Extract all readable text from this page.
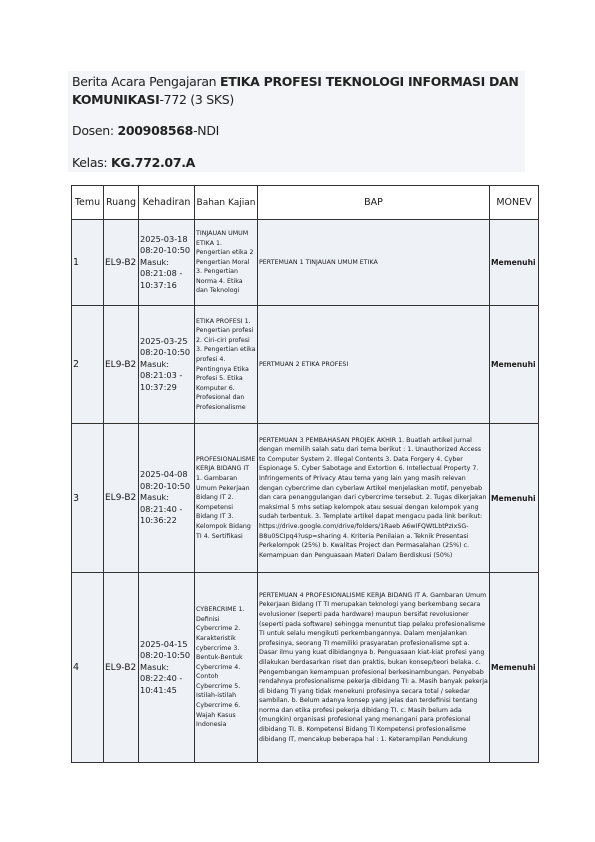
Berita Acara Pengajaran ETIKA PROFESI TEKNOLOGI INFORMASI DAN KOMUNIKASI-772 (3 SKS)

Dosen: 200908568-NDI

Kelas: KG.772.07.A

Temu	Ruang	Kehadiran	Bahan Kajian	BAP	MONEV
1	EL9-B2	2025-03-18 08:20-10:50 Masuk: 08:21:08 - 10:37:16	TINJAUAN UMUM ETIKA 1. Pengertian etika 2 Pengertian Moral 3. Pengertian Norma 4. Etika dan Teknologi	PERTEMUAN 1 TINJAUAN UMUM ETIKA	Memenuhi
2	EL9-B2	2025-03-25 08:20-10:50 Masuk: 08:21:03 - 10:37:29	ETIKA PROFESI 1. Pengertian profesi 2. Ciri-ciri profesi 3. Pengertian etika profesi 4. Pentingnya Etika Profesi 5. Etika Komputer 6. Profesional dan Profesionalisme	PERTMUAN 2 ETIKA PROFESI	Memenuhi
3	EL9-B2	2025-04-08 08:20-10:50 Masuk: 08:21:40 - 10:36:22	PROFESIONALISME KERJA BIDANG IT 1. Gambaran Umum Pekerjaan Bidang IT 2. Kompetensi Bidang IT 3. Kelompok Bidang TI 4. Sertifikasi	PERTEMUAN 3 PEMBAHASAN PROJEK AKHIR 1. Buatlah artikel jurnal dengan memilih salah satu dari tema berikut : 1. Unauthorized Access to Computer System 2. Illegal Contents 3. Data Forgery 4. Cyber Espionage 5. Cyber Sabotage and Extortion 6. Intellectual Property 7. Infringements of Privacy Atau tema yang lain yang masih relevan dengan cybercrime dan cyberlaw Artikel menjelaskan motif, penyebab dan cara penanggulangan dari cybercrime tersebut. 2. Tugas dikerjakan maksimal 5 mhs setiap kelompok atau sesuai dengan kelompok yang sudah terbentuk. 3. Template artikel dapat mengacu pada link berikut: https://drive.google.com/drive/folders/1Raeb A6wIFQWtLbtPzIxSG-B8u0SCIpq4?usp=sharing 4. Kriteria Penilaian a. Teknik Presentasi Perkelompok (25%) b. Kwalitas Project dan Permasalahan (25%) c. Kemampuan dan Penguasaan Materi Dalam Berdiskusi (50%)	Memenuhi
4	EL9-B2	2025-04-15 08:20-10:50 Masuk: 08:22:40 - 10:41:45	CYBERCRIME 1. Definisi Cybercrime 2. Karakteristik cybercrime 3. Bentuk-Bentuk Cybercrime 4. Contoh Cybercrime 5. Istilah-istilah Cybercrime 6. Wajah Kasus Indonesia	PERTEMUAN 4 PROFESIONALISME KERJA BIDANG IT A. Gambaran Umum Pekerjaan Bidang IT TI merupakan teknologi yang berkembang secara evolusioner (seperti pada hardware) maupun bersifat revolusioner (seperti pada software) sehingga menuntut tiap pelaku profesionalisme TI untuk selalu mengikuti perkembangannya. Dalam menjalankan profesinya, seorang TI memiliki prasyaratan profesionalisme spt a. Dasar ilmu yang kuat dibidangnya b. Penguasaan kiat-kiat profesi yang dilakukan berdasarkan riset dan praktis, bukan konsep/teori belaka. c. Pengembangan kemampuan profesional berkesinambungan. Penyebab rendahnya profesionalisme pekerja dibidang TI: a. Masih banyak pekerja di bidang TI yang tidak menekuni profesinya secara total / sekedar sambilan. b. Belum adanya konsep yang jelas dan terdefinisi tentang norma dan etika profesi pekerja dibidang TI. c. Masih belum ada (mungkin) organisasi profesional yang menangani para profesional dibidang TI. B. Kompetensi Bidang TI Kompetensi profesionalisme dibidang IT, mencakup beberapa hal : 1. Keterampilan Pendukung	Memenuhi
